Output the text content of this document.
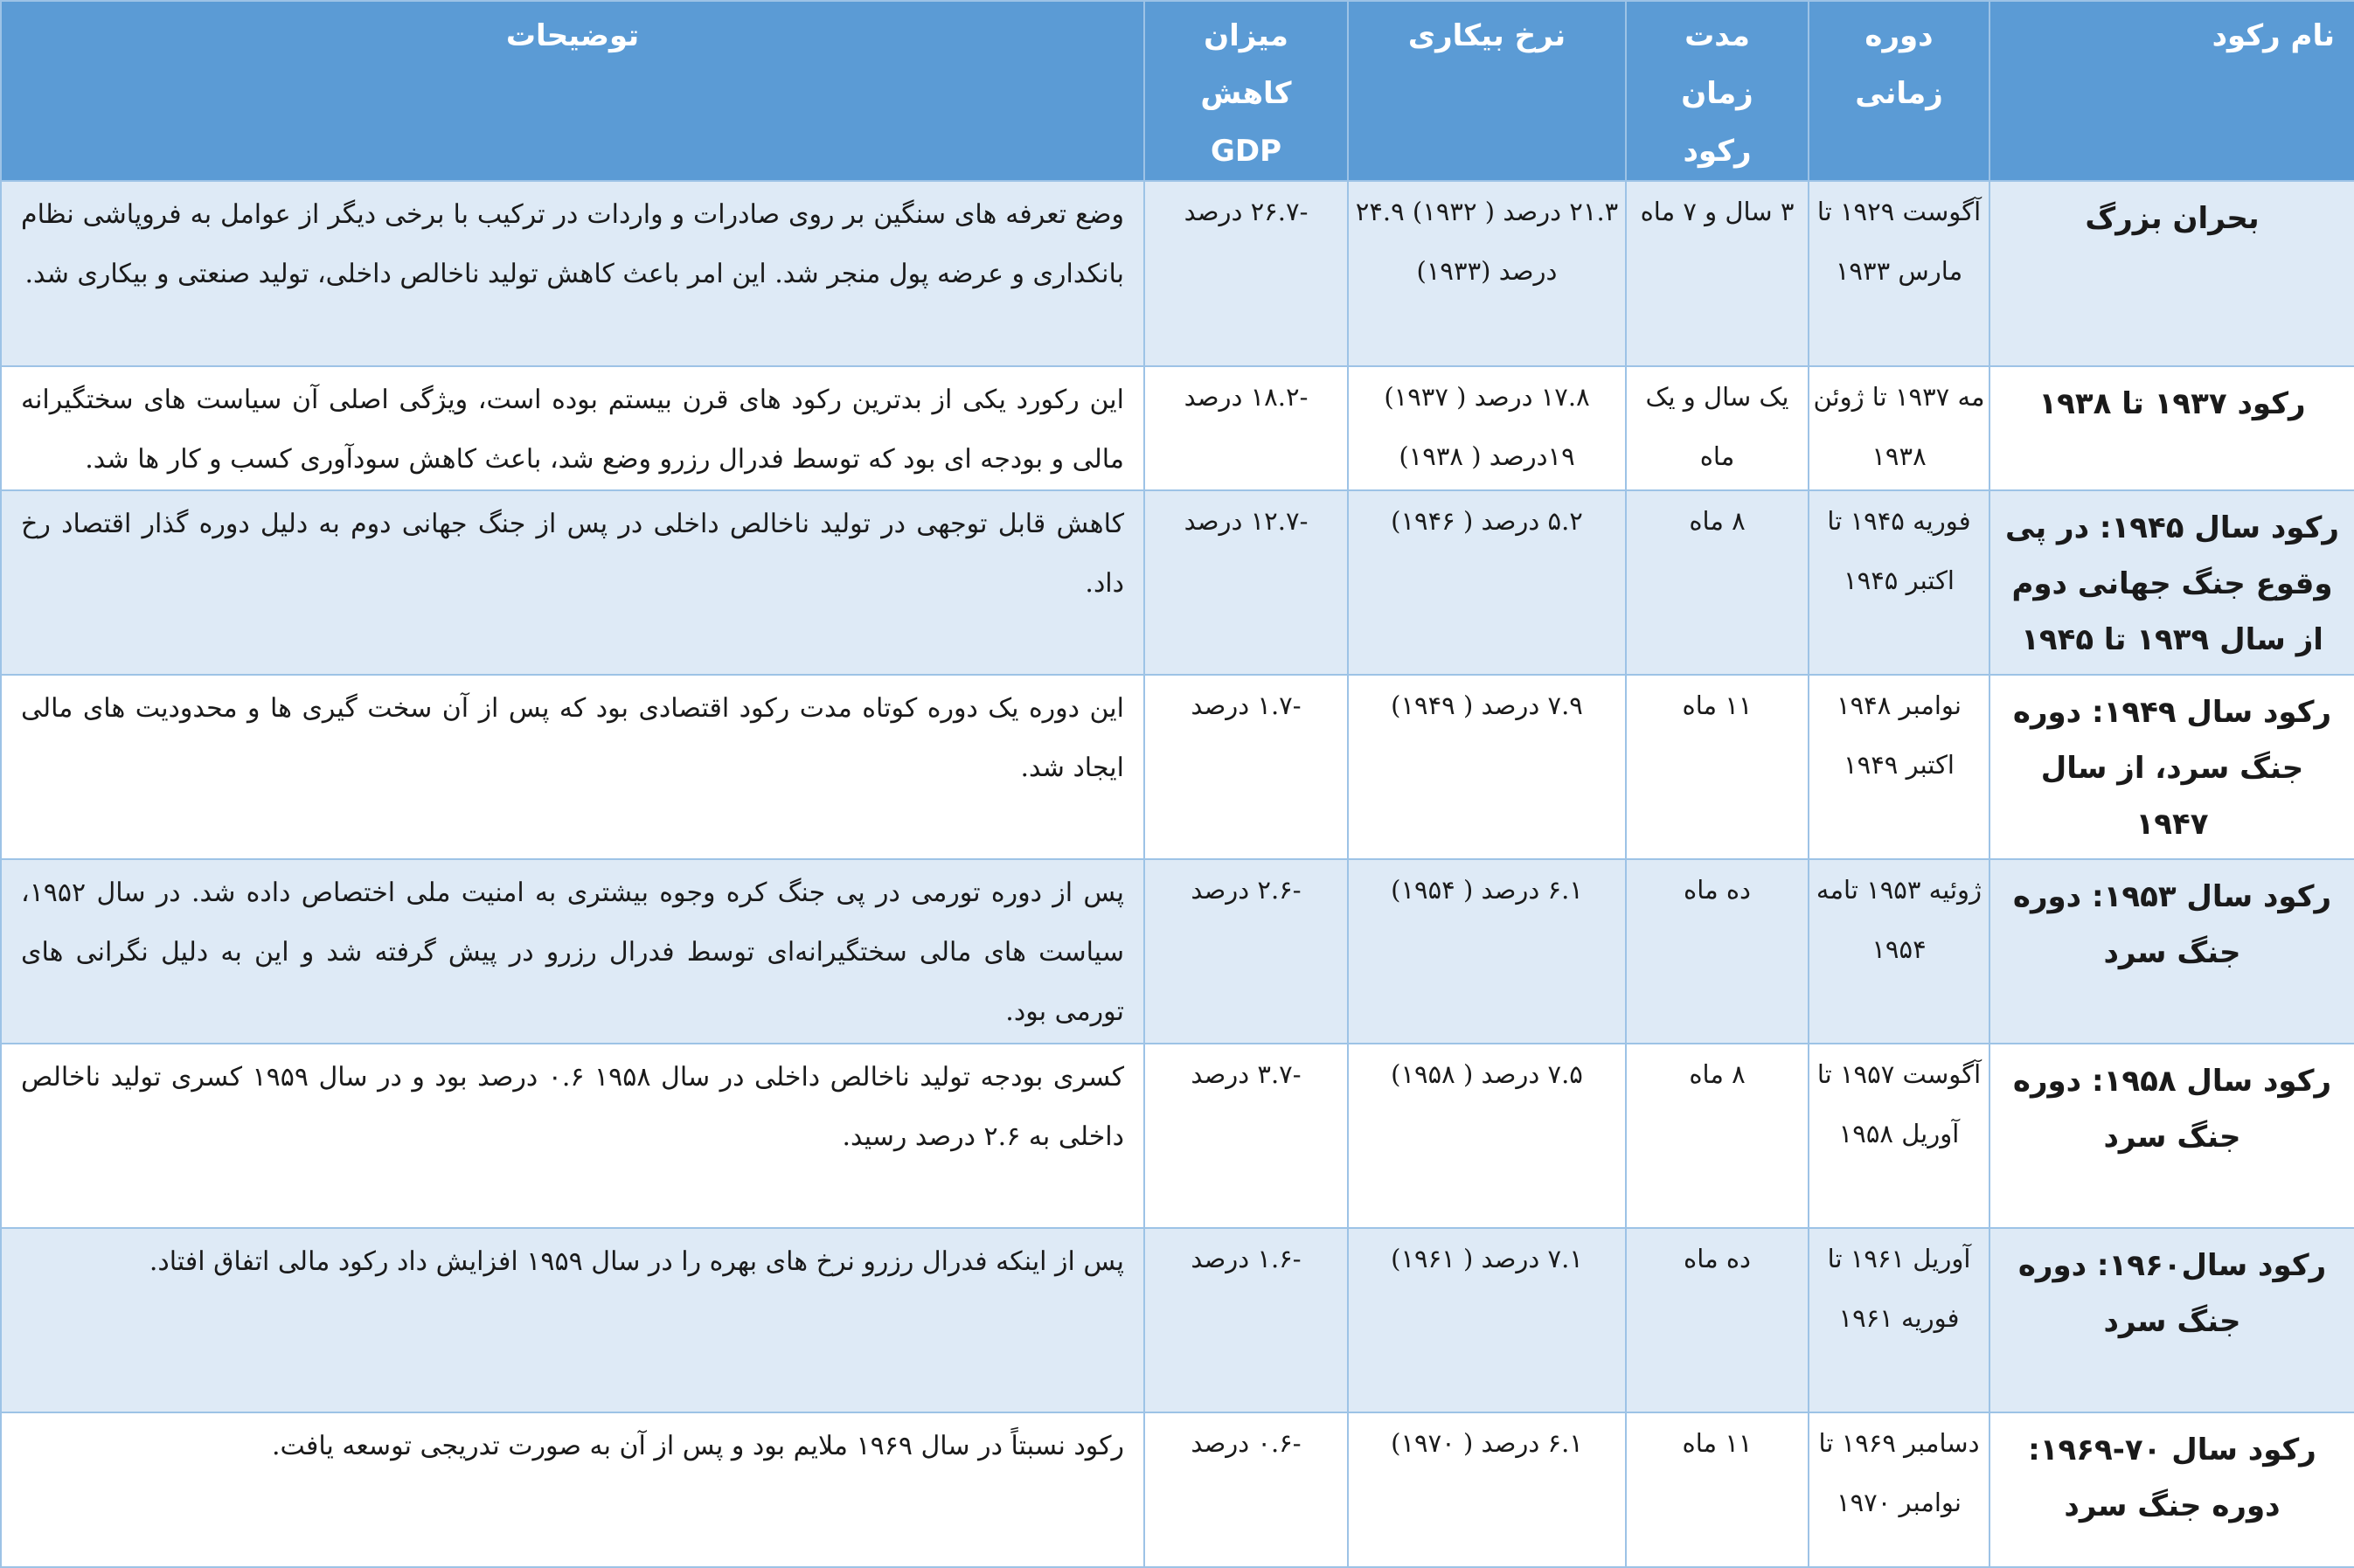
نام رکود	دوره زمانی	مدت زمان رکود	نرخ بیکاری	میزان کاهش GDP	توضیحات
بحران بزرگ	آگوست ۱۹۲۹ تا مارس ۱۹۳۳	۳ سال و ۷ ماه	۲۱.۳ درصد ( ۱۹۳۲) ۲۴.۹ درصد (۱۹۳۳)	-۲۶.۷ درصد	وضع تعرفه های سنگین بر روی صادرات و واردات در ترکیب با برخی دیگر از عوامل به فروپاشی نظام بانکداری و عرضه پول منجر شد. این امر باعث کاهش تولید ناخالص داخلی، تولید صنعتی و بیکاری شد.
رکود ۱۹۳۷ تا ۱۹۳۸	مه ۱۹۳۷ تا ژوئن ۱۹۳۸	یک سال و یک ماه	۱۷.۸ درصد ( ۱۹۳۷) ۱۹درصد ( ۱۹۳۸)	-۱۸.۲ درصد	این رکورد یکی از بدترین رکود های قرن بیستم بوده است، ویژگی اصلی آن سیاست های سختگیرانه مالی و بودجه ای بود که توسط فدرال رزرو وضع شد، باعث کاهش سودآوری کسب و کار ها شد.
رکود سال ۱۹۴۵: در پی وقوع جنگ جهانی دوم از سال ۱۹۳۹ تا ۱۹۴۵	فوریه ۱۹۴۵ تا اکتبر ۱۹۴۵	۸ ماه	۵.۲ درصد ( ۱۹۴۶)	-۱۲.۷ درصد	کاهش قابل توجهی در تولید ناخالص داخلی در پس از جنگ جهانی دوم به دلیل دوره گذار اقتصاد رخ داد.
رکود سال ۱۹۴۹: دوره جنگ سرد، از سال ۱۹۴۷	نوامبر ۱۹۴۸ اکتبر ۱۹۴۹	۱۱ ماه	۷.۹ درصد ( ۱۹۴۹)	-۱.۷ درصد	این دوره یک دوره کوتاه مدت رکود اقتصادی بود که پس از آن سخت گیری ها و محدودیت های مالی ایجاد شد.
رکود سال ۱۹۵۳: دوره جنگ سرد	ژوئیه ۱۹۵۳ تامه ۱۹۵۴	ده ماه	۶.۱ درصد ( ۱۹۵۴)	-۲.۶ درصد	پس از دوره تورمی در پی جنگ کره وجوه بیشتری به امنیت ملی اختصاص داده شد. در سال ۱۹۵۲، سیاست های مالی سختگیرانه‌ای توسط فدرال رزرو در پیش گرفته شد و این به دلیل نگرانی های تورمی بود.
رکود سال ۱۹۵۸: دوره جنگ سرد	آگوست ۱۹۵۷ تا آوریل ۱۹۵۸	۸ ماه	۷.۵ درصد ( ۱۹۵۸)	-۳.۷ درصد	کسری بودجه تولید ناخالص داخلی در سال ۱۹۵۸ ۰.۶ درصد بود و در سال ۱۹۵۹ کسری تولید ناخالص داخلی به ۲.۶ درصد رسید.
رکود سال۱۹۶۰: دوره جنگ سرد	آوریل ۱۹۶۱ تا فوریه ۱۹۶۱	ده ماه	۷.۱ درصد ( ۱۹۶۱)	-۱.۶ درصد	پس از اینکه فدرال رزرو نرخ های بهره را در سال ۱۹۵۹ افزایش داد رکود مالی اتفاق افتاد.
رکود سال ۷۰-۱۹۶۹: دوره جنگ سرد	دسامبر ۱۹۶۹ تا نوامبر ۱۹۷۰	۱۱ ماه	۶.۱ درصد ( ۱۹۷۰)	-۰.۶ درصد	رکود نسبتاً در سال ۱۹۶۹ ملایم بود و پس از آن به صورت تدریجی توسعه یافت.
